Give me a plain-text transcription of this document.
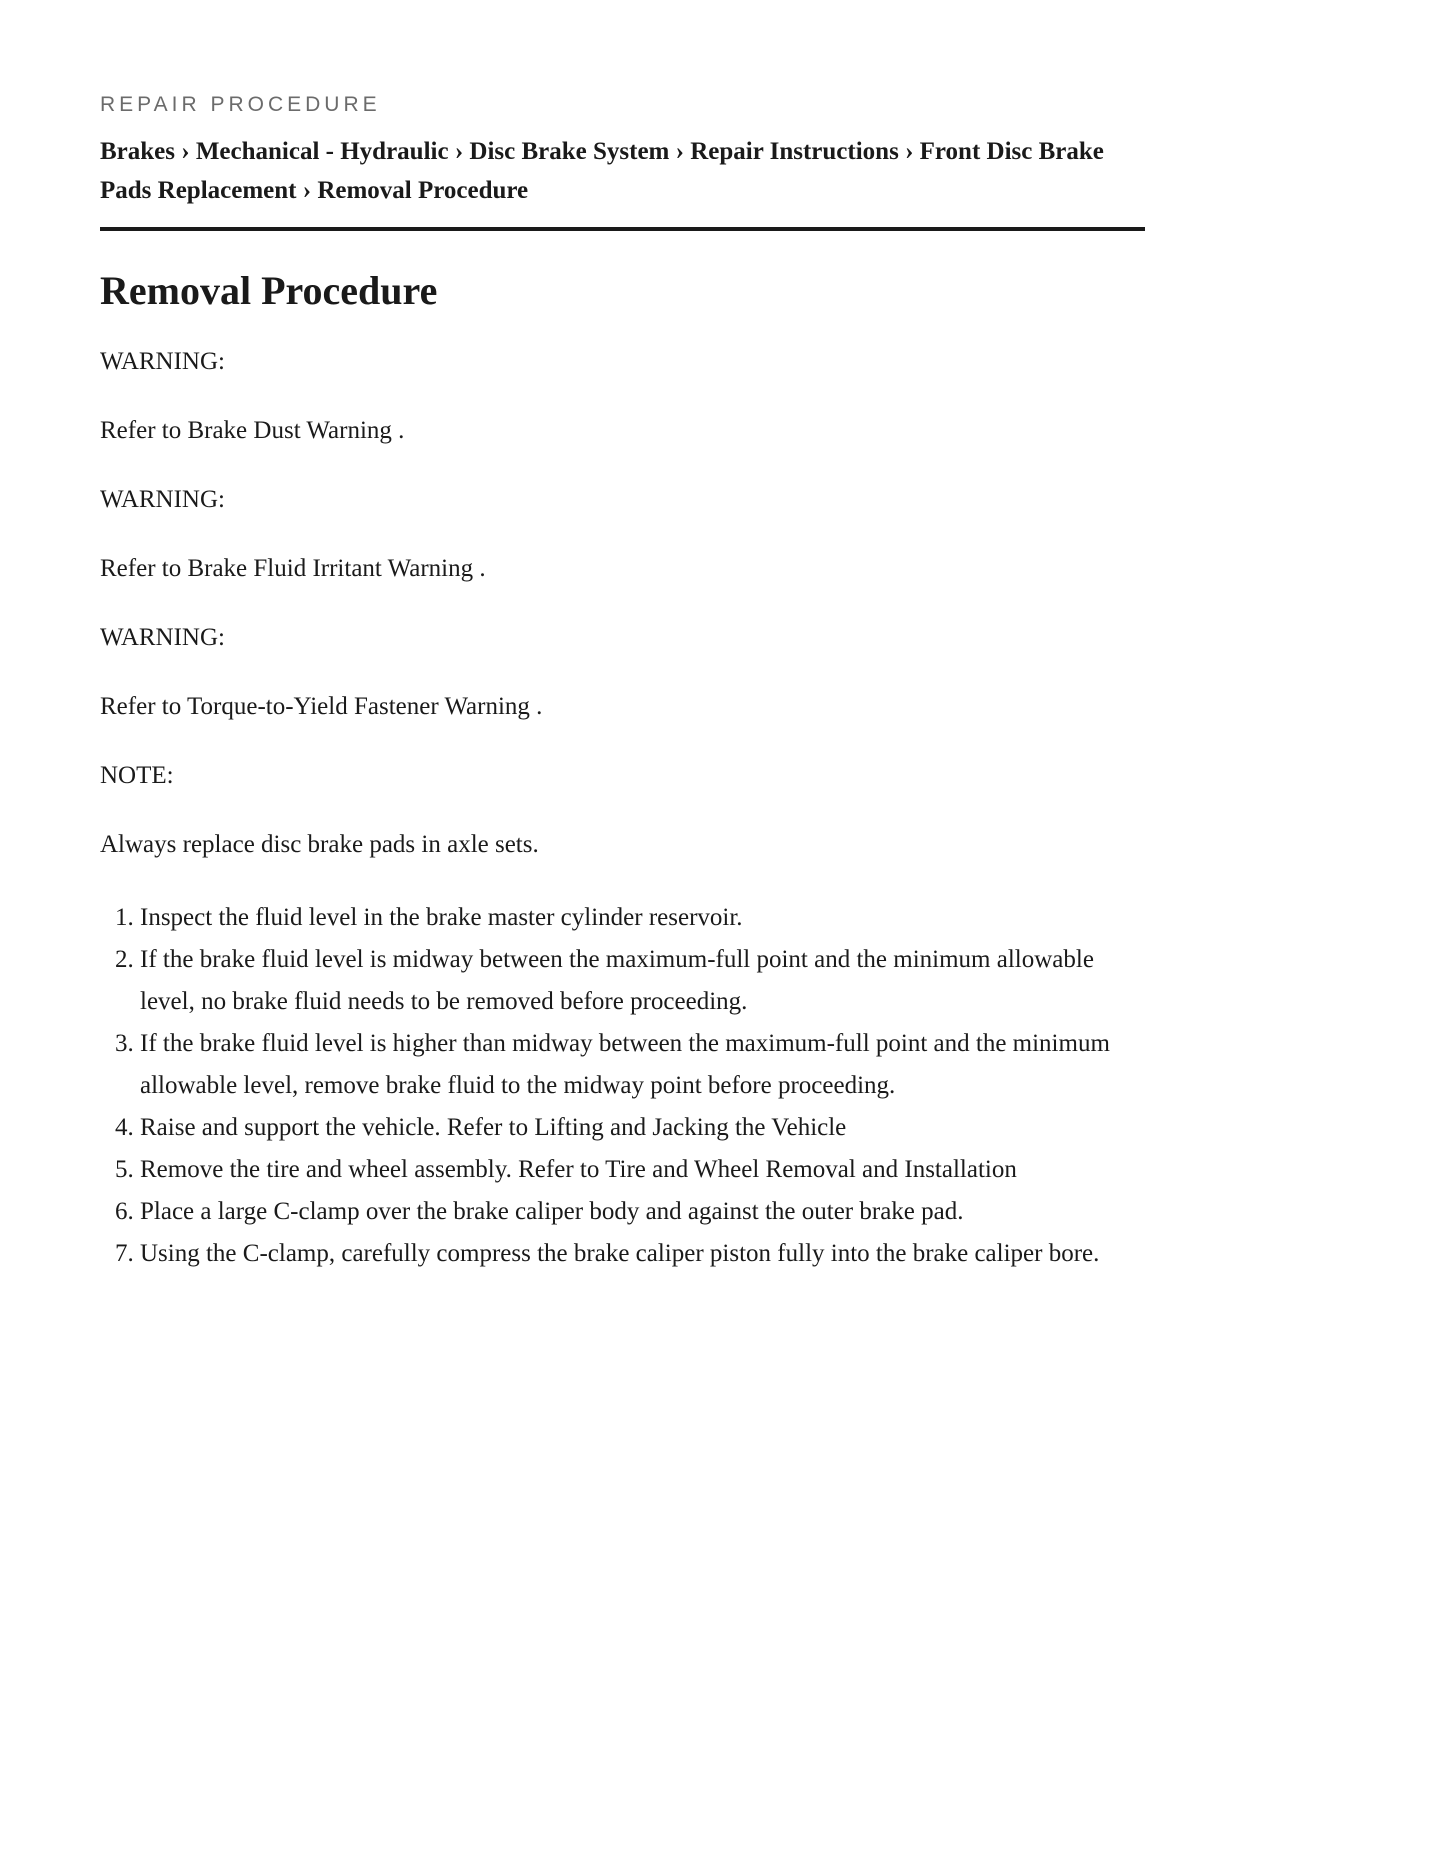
REPAIR PROCEDURE
Brakes › Mechanical - Hydraulic › Disc Brake System › Repair Instructions › Front Disc Brake Pads Replacement › Removal Procedure
Removal Procedure

WARNING:

Refer to Brake Dust Warning .

WARNING:

Refer to Brake Fluid Irritant Warning .

WARNING:

Refer to Torque-to-Yield Fastener Warning .

NOTE:

Always replace disc brake pads in axle sets.

1. Inspect the fluid level in the brake master cylinder reservoir.
2. If the brake fluid level is midway between the maximum-full point and the minimum allowable level, no brake fluid needs to be removed before proceeding.
3. If the brake fluid level is higher than midway between the maximum-full point and the minimum allowable level, remove brake fluid to the midway point before proceeding.
4. Raise and support the vehicle. Refer to Lifting and Jacking the Vehicle
5. Remove the tire and wheel assembly. Refer to Tire and Wheel Removal and Installation
6. Place a large C-clamp over the brake caliper body and against the outer brake pad.
7. Using the C-clamp, carefully compress the brake caliper piston fully into the brake caliper bore.
